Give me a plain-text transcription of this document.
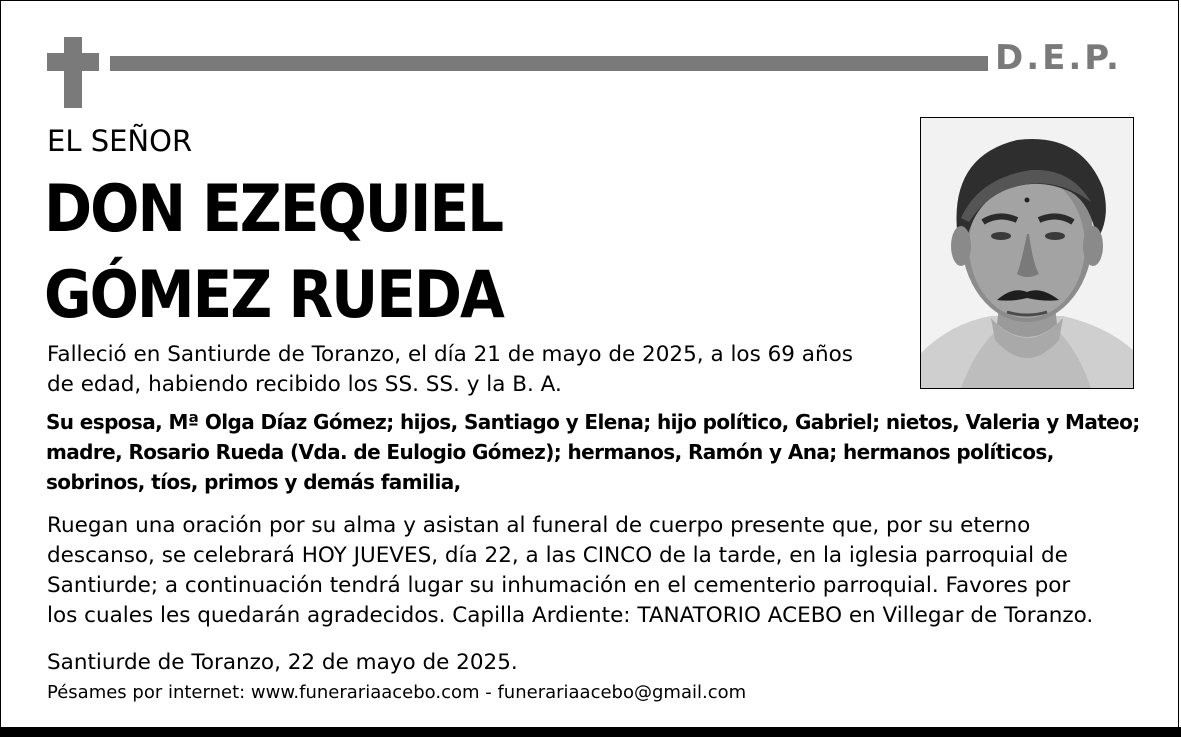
D.E.P.
EL SEÑOR
DON EZEQUIEL
GÓMEZ RUEDA
Falleció en Santiurde de Toranzo, el día 21 de mayo de 2025, a los 69 años
de edad, habiendo recibido los SS. SS. y la B. A.
Su esposa, Mª Olga Díaz Gómez; hijos, Santiago y Elena; hijo político, Gabriel; nietos, Valeria y Mateo;
madre, Rosario Rueda (Vda. de Eulogio Gómez); hermanos, Ramón y Ana; hermanos políticos,
sobrinos, tíos, primos y demás familia,
Ruegan una oración por su alma y asistan al funeral de cuerpo presente que, por su eterno
descanso, se celebrará HOY JUEVES, día 22, a las CINCO de la tarde, en la iglesia parroquial de
Santiurde; a continuación tendrá lugar su inhumación en el cementerio parroquial. Favores por
los cuales les quedarán agradecidos. Capilla Ardiente: TANATORIO ACEBO en Villegar de Toranzo.
Santiurde de Toranzo, 22 de mayo de 2025.
Pésames por internet: www.funerariaacebo.com - funerariaacebo@gmail.com
